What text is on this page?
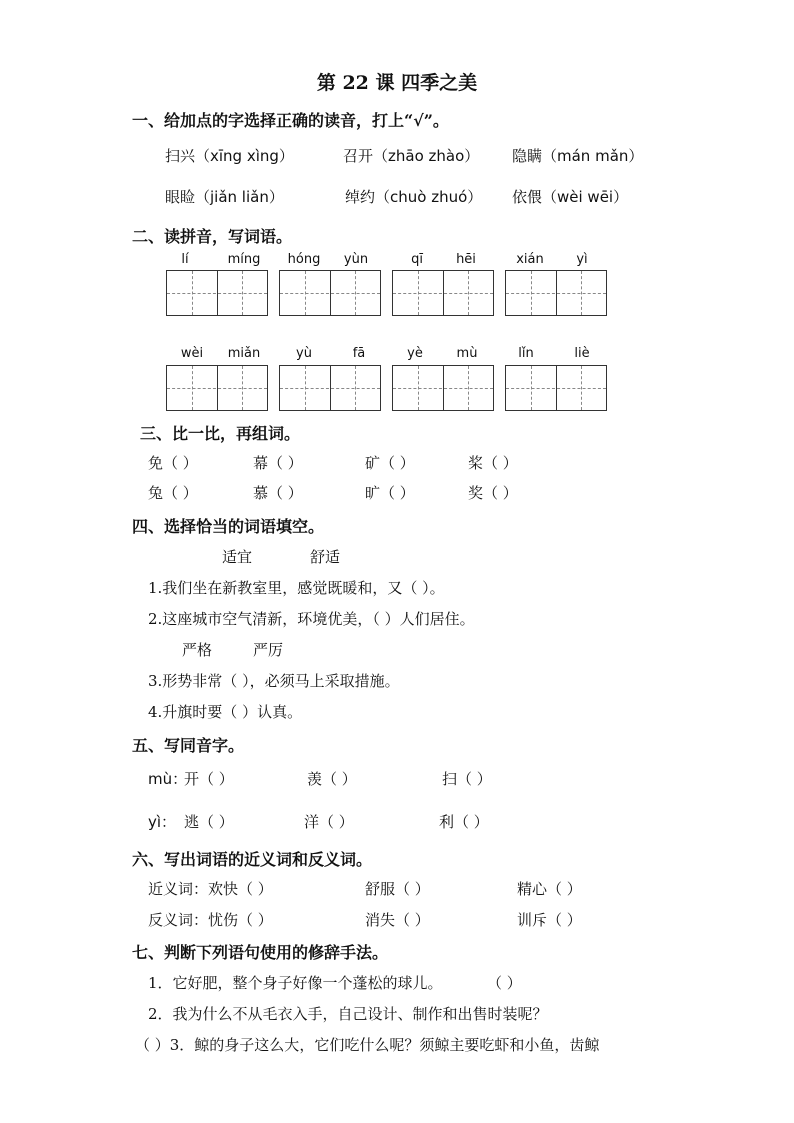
第 22 课 四季之美
一、给加点的字选择正确的读音，打上“√”。
扫兴（xīng xìng）	召开（zhāo zhào） 隐瞒（mán mǎn）
眼睑（jiǎn liǎn）	绰约（chuò zhuó） 依偎（wèi wēi）
二、读拼音，写词语。
lí	míng	hóng	yùn	qī	hēi	xián	yì
wèi	miǎn	yù	fā	yè	mù	lǐn	liè
三、比一比，再组词。
免（ ）	幕（ ）	矿（ ）	桨（ ）
兔（ ）	慕（ ）	旷（ ）	奖（ ）
四、选择恰当的词语填空。
适宜	舒适
1.我们坐在新教室里，感觉既暖和，又（ ）。
2.这座城市空气清新，环境优美，（ ）人们居住。
严格	严厉
3.形势非常（ ），必须马上采取措施。
4.升旗时要（ ）认真。
五、写同音字。
mù：
开（ ）	羡（ ）	扫（ ）
yì： 逃（ ）	洋（ ）	利（ ）
六、写出词语的近义词和反义词。
近义词：欢快（ ）	舒服（ ）	精心（ ）
反义词：忧伤（ ）	消失（ ）	训斥（ ）
七、判断下列语句使用的修辞手法。
1．它好肥，整个身子好像一个蓬松的球儿。	（ ）
2．我为什么不从毛衣入手，自己设计、制作和出售时装呢？
（ ）3．鲸的身子这么大，它们吃什么呢？须鲸主要吃虾和小鱼，齿鲸
